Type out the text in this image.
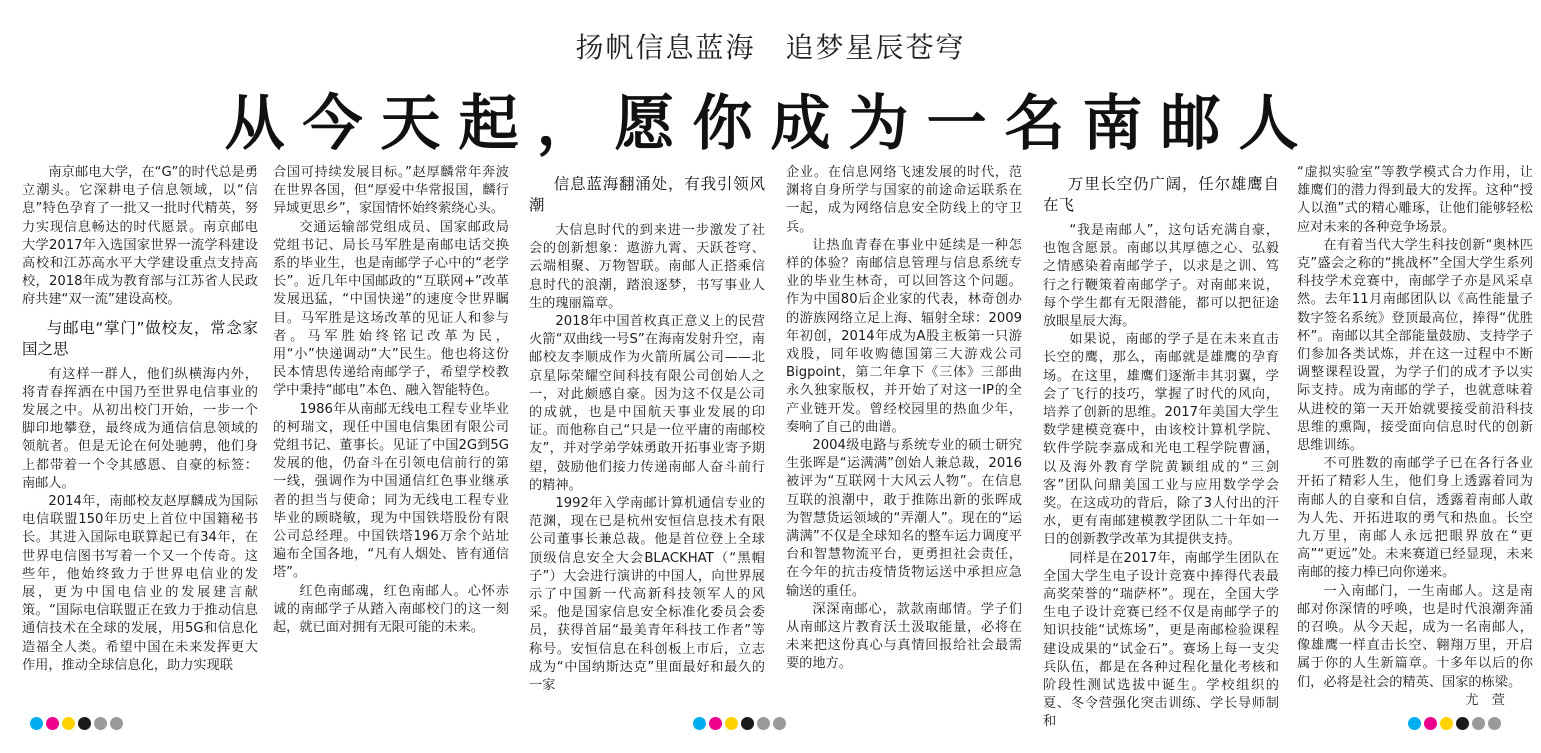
扬帆信息蓝海　追梦星辰苍穹
从今天起，愿你成为一名南邮人

南京邮电大学，在“G”的时代总是勇立潮头。它深耕电子信息领域，以“信息”特色孕育了一批又一批时代精英，努力实现信息畅达的时代愿景。南京邮电大学2017年入选国家世界一流学科建设高校和江苏高水平大学建设重点支持高校，2018年成为教育部与江苏省人民政府共建“双一流”建设高校。

与邮电“掌门”做校友，常念家国之思

有这样一群人，他们纵横海内外，将青春挥洒在中国乃至世界电信事业的发展之中。从初出校门开始，一步一个脚印地攀登，最终成为通信信息领域的领航者。但是无论在何处驰骋，他们身上都带着一个令其感恩、自豪的标签：南邮人。

2014年，南邮校友赵厚麟成为国际电信联盟150年历史上首位中国籍秘书长。其进入国际电联算起已有34年，在世界电信图书写着一个又一个传奇。这些年，他始终致力于世界电信业的发展，更为中国电信业的发展建言献策。“国际电信联盟正在致力于推动信息通信技术在全球的发展，用5G和信息化造福全人类。希望中国在未来发挥更大作用，推动全球信息化，助力实现联

合国可持续发展目标。”赵厚麟常年奔波在世界各国，但“厚爱中华常报国，麟行异域更思乡”，家国情怀始终萦绕心头。

交通运输部党组成员、国家邮政局党组书记、局长马军胜是南邮电话交换系的毕业生，也是南邮学子心中的“老学长”。近几年中国邮政的“互联网+”改革发展迅猛，“中国快递”的速度令世界瞩目。马军胜是这场改革的见证人和参与者。马军胜始终铭记改革为民，用“小”快递调动“大”民生。他也将这份民本情思传递给南邮学子，希望学校教学中秉持“邮电”本色、融入智能特色。

1986年从南邮无线电工程专业毕业的柯瑞文，现任中国电信集团有限公司党组书记、董事长。见证了中国2G到5G发展的他，仍奋斗在引领电信前行的第一线，强调作为中国通信红色事业继承者的担当与使命；同为无线电工程专业毕业的顾晓敏，现为中国铁塔股份有限公司总经理。中国铁塔196万余个站址遍布全国各地，“凡有人烟处、皆有通信塔”。

红色南邮魂，红色南邮人。心怀赤诚的南邮学子从踏入南邮校门的这一刻起，就已面对拥有无限可能的未来。

信息蓝海翻涌处，有我引领风潮

大信息时代的到来进一步激发了社会的创新想象：遨游九霄、天跃苍穹、云端相聚、万物智联。南邮人正搭乘信息时代的浪潮，踏浪逐梦，书写事业人生的瑰丽篇章。

2018年中国首枚真正意义上的民营火箭“双曲线一号S”在海南发射升空，南邮校友李顺成作为火箭所属公司——北京星际荣耀空间科技有限公司创始人之一，对此颇感自豪。因为这不仅是公司的成就，也是中国航天事业发展的印证。而他称自己“只是一位平庸的南邮校友”，并对学弟学妹勇敢开拓事业寄予期望，鼓励他们接力传递南邮人奋斗前行的精神。

1992年入学南邮计算机通信专业的范渊，现在已是杭州安恒信息技术有限公司董事长兼总裁。他是首位登上全球顶级信息安全大会BLACKHAT（“黑帽子”）大会进行演讲的中国人，向世界展示了中国新一代高新科技领军人的风采。他是国家信息安全标准化委员会委员，获得首届“最美青年科技工作者”等称号。安恒信息在科创板上市后，立志成为“中国纳斯达克”里面最好和最久的一家

企业。在信息网络飞速发展的时代，范渊将自身所学与国家的前途命运联系在一起，成为网络信息安全防线上的守卫兵。

让热血青春在事业中延续是一种怎样的体验？南邮信息管理与信息系统专业的毕业生林奇，可以回答这个问题。作为中国80后企业家的代表，林奇创办的游族网络立足上海、辐射全球：2009年初创，2014年成为A股主板第一只游戏股，同年收购德国第三大游戏公司Bigpoint，第二年拿下《三体》三部曲永久独家版权，并开始了对这一IP的全产业链开发。曾经校园里的热血少年，奏响了自己的曲谱。

2004级电路与系统专业的硕士研究生张晖是“运满满”创始人兼总裁，2016被评为“互联网十大风云人物”。在信息互联的浪潮中，敢于推陈出新的张晖成为智慧货运领域的“弄潮人”。现在的“运满满”不仅是全球知名的整车运力调度平台和智慧物流平台，更勇担社会责任，在今年的抗击疫情货物运送中承担应急输送的重任。

深深南邮心，款款南邮情。学子们从南邮这片教育沃土汲取能量，必将在未来把这份真心与真情回报给社会最需要的地方。

万里长空仍广阔，任尔雄鹰自在飞

“我是南邮人”，这句话充满自豪，也饱含愿景。南邮以其厚德之心、弘毅之情感染着南邮学子，以求是之训、笃行之行鞭策着南邮学子。对南邮来说，每个学生都有无限潜能，都可以把征途放眼星辰大海。

如果说，南邮的学子是在未来直击长空的鹰，那么，南邮就是雄鹰的孕育场。在这里，雄鹰们逐渐丰其羽翼，学会了飞行的技巧，掌握了时代的风向，培养了创新的思维。2017年美国大学生数学建模竞赛中，由该校计算机学院、软件学院李嘉成和光电工程学院曹涵，以及海外教育学院黄颖组成的“三剑客”团队问鼎美国工业与应用数学学会奖。在这成功的背后，除了3人付出的汗水，更有南邮建模教学团队二十年如一日的创新教学改革为其提供支持。

同样是在2017年，南邮学生团队在全国大学生电子设计竞赛中捧得代表最高奖荣誉的“瑞萨杯”。现在，全国大学生电子设计竞赛已经不仅是南邮学子的知识技能“试炼场”，更是南邮检验课程建设成果的“试金石”。赛场上每一支尖兵队伍，都是在各种过程化量化考核和阶段性测试选拔中诞生。学校组织的夏、冬令营强化突击训练、学长导师制和

“虚拟实验室”等教学模式合力作用，让雄鹰们的潜力得到最大的发挥。这种“授人以渔”式的精心雕琢，让他们能够轻松应对未来的各种竞争场景。

在有着当代大学生科技创新“奥林匹克”盛会之称的“挑战杯”全国大学生系列科技学术竞赛中，南邮学子亦是风采卓然。去年11月南邮团队以《高性能量子数字签名系统》登顶最高位，捧得“优胜杯”。南邮以其全部能量鼓励、支持学子们参加各类试炼，并在这一过程中不断调整课程设置，为学子们的成才予以实际支持。成为南邮的学子，也就意味着从进校的第一天开始就要接受前沿科技思维的熏陶，接受面向信息时代的创新思维训练。

不可胜数的南邮学子已在各行各业开拓了精彩人生，他们身上透露着同为南邮人的自豪和自信，透露着南邮人敢为人先、开拓进取的勇气和热血。长空九万里，南邮人永远把眼界放在“更高”“更远”处。未来赛道已经显现，未来南邮的接力棒已向你递来。

一入南邮门，一生南邮人。这是南邮对你深情的呼唤，也是时代浪潮奔涌的召唤。从今天起，成为一名南邮人，像雄鹰一样直击长空、翱翔万里，开启属于你的人生新篇章。十多年以后的你们，必将是社会的精英、国家的栋梁。
尤　萱
